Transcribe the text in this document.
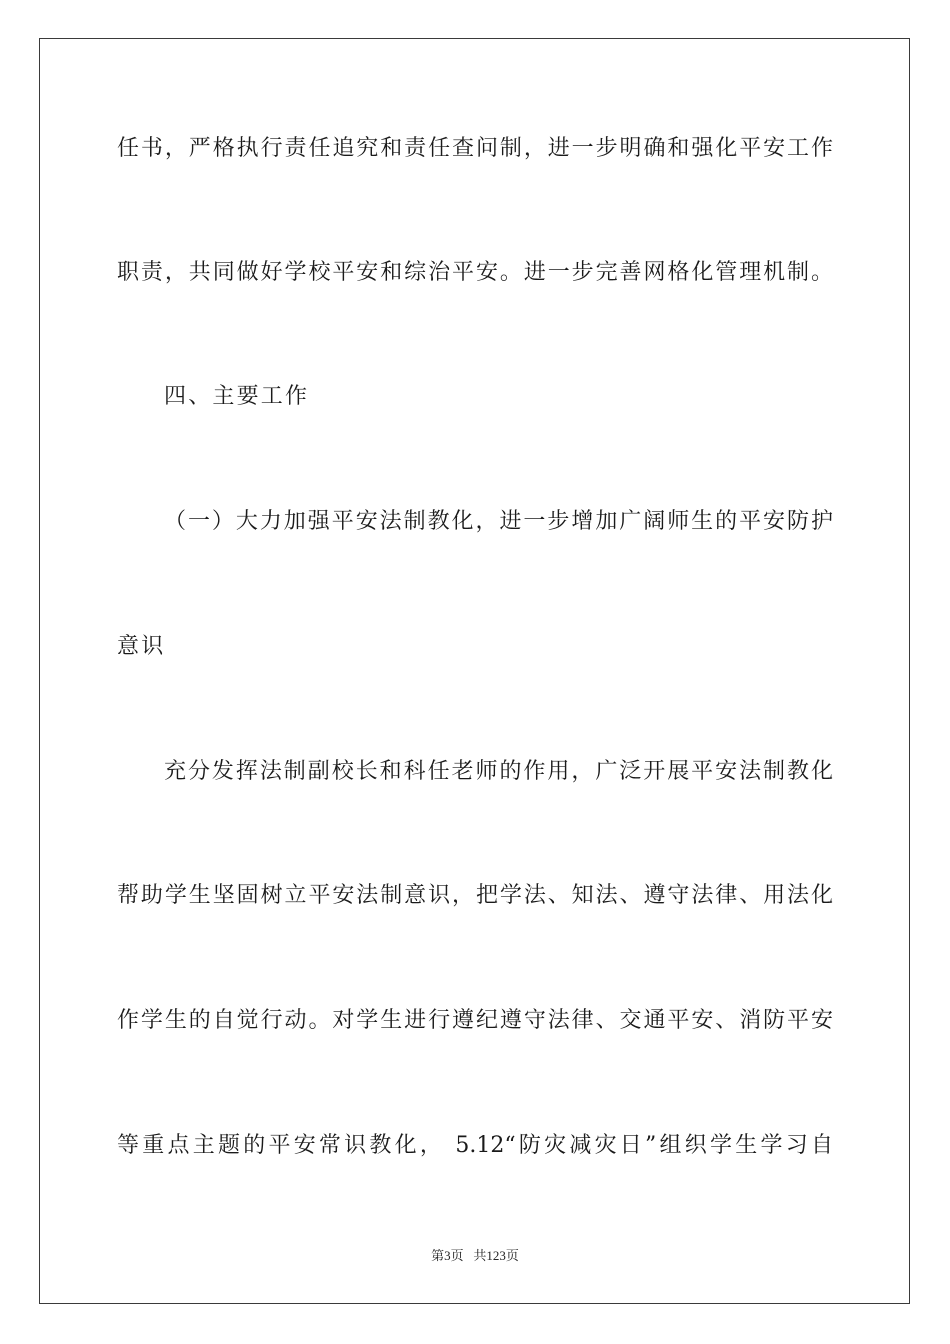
任书，严格执行责任追究和责任查问制，进一步明确和强化平安工作
职责，共同做好学校平安和综治平安。进一步完善网格化管理机制。
四、主要工作
（一）大力加强平安法制教化，进一步增加广阔师生的平安防护
意识
充分发挥法制副校长和科任老师的作用，广泛开展平安法制教化
帮助学生坚固树立平安法制意识，把学法、知法、遵守法律、用法化
作学生的自觉行动。对学生进行遵纪遵守法律、交通平安、消防平安
等重点主题的平安常识教化， 5.12“防灾减灾日”组织学生学习自
第3页 共123页
